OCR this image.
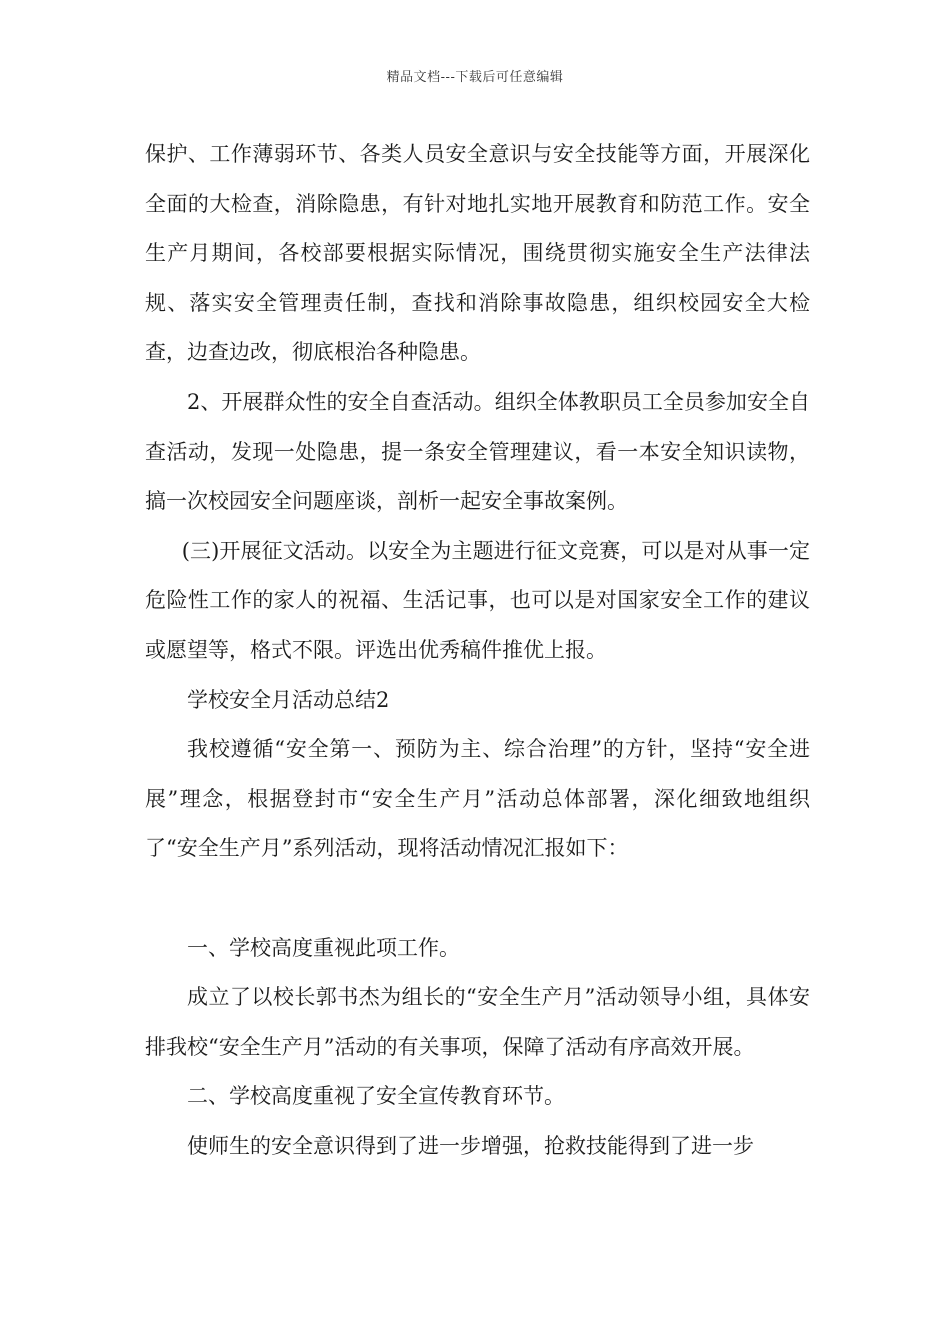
精品文档---下载后可任意编辑

保护、工作薄弱环节、各类人员安全意识与安全技能等方面，开展深化全面的大检查，消除隐患，有针对地扎实地开展教育和防范工作。安全生产月期间，各校部要根据实际情况，围绕贯彻实施安全生产法律法规、落实安全管理责任制，查找和消除事故隐患，组织校园安全大检查，边查边改，彻底根治各种隐患。

2、开展群众性的安全自查活动。组织全体教职员工全员参加安全自查活动，发现一处隐患，提一条安全管理建议，看一本安全知识读物，搞一次校园安全问题座谈，剖析一起安全事故案例。

(三)开展征文活动。以安全为主题进行征文竞赛，可以是对从事一定危险性工作的家人的祝福、生活记事，也可以是对国家安全工作的建议或愿望等，格式不限。评选出优秀稿件推优上报。

学校安全月活动总结2

我校遵循“安全第一、预防为主、综合治理”的方针，坚持“安全进展”理念，根据登封市“安全生产月”活动总体部署，深化细致地组织了“安全生产月”系列活动，现将活动情况汇报如下：

一、学校高度重视此项工作。

成立了以校长郭书杰为组长的“安全生产月”活动领导小组，具体安排我校“安全生产月”活动的有关事项，保障了活动有序高效开展。

二、学校高度重视了安全宣传教育环节。

使师生的安全意识得到了进一步增强，抢救技能得到了进一步
